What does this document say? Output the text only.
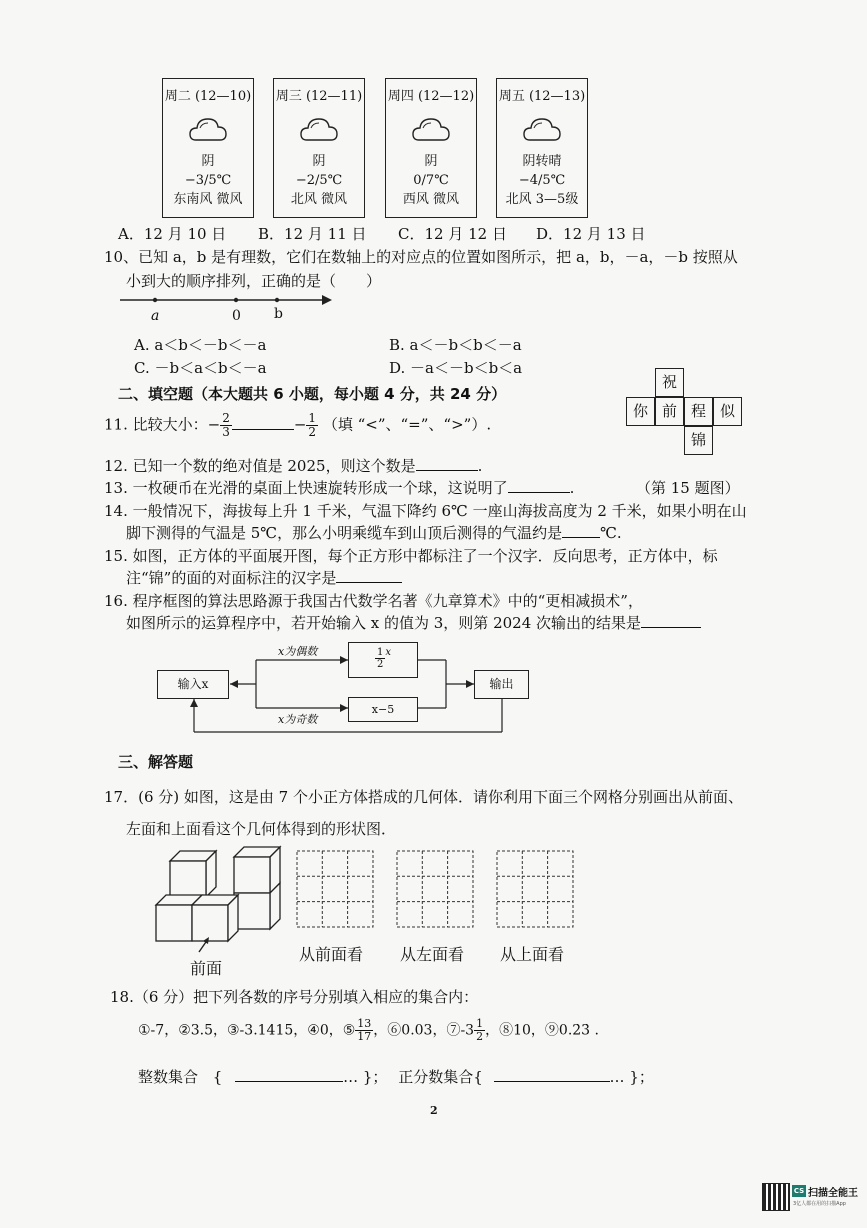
周二 (12—10)
阴
−3/5℃
东南风 微风
周三 (12—11)
阴
−2/5℃
北风 微风
周四 (12—12)
阴
0/7℃
西风 微风
周五 (12—13)
阴转晴
−4/5℃
北风 3—5级
A．12 月 10 日 B．12 月 11 日 C．12 月 12 日 D．12 月 13 日
10、已知 a，b 是有理数，它们在数轴上的对应点的位置如图所示，把 a，b，－a，－b 按照从
小到大的顺序排列，正确的是（　　）
a	0 b
A. a＜b＜－b＜－a	B. a＜－b＜b＜－a
C. －b＜a＜b＜－a	D. －a＜－b＜b＜a
二、填空题（本大题共 6 小题，每小题 4 分，共 24 分）
祝
你 前 程 似
锦
11. 比较大小：− $\frac{2}{3}$	− $\frac{1}{2}$ （填 “<”、“=”、“>”）.
12. 已知一个数的绝对值是 2025，则这个数是	.
13. 一枚硬币在光滑的桌面上快速旋转形成一个球，这说明了	.	（第 15 题图）
14. 一般情况下，海拔每上升 1 千米，气温下降约 6℃ 一座山海拔高度为 2 千米，如果小明在山
脚下测得的气温是 5℃，那么小明乘缆车到山顶后测得的气温约是	℃.
15. 如图，正方体的平面展开图，每个正方形中都标注了一个汉字．反向思考，正方体中，标
注“锦”的面的对面标注的汉字是
16. 程序框图的算法思路源于我国古代数学名著《九章算术》中的“更相减损术”，
如图所示的运算程序中，若开始输入 x 的值为 3，则第 2024 次输出的结果是
输入x
x为偶数	$\frac{1}{2} ^x$
x为奇数
x−5
输出
三、解答题
17．(6 分) 如图，这是由 7 个小正方体搭成的几何体．请你利用下面三个网格分别画出从前面、
左面和上面看这个几何体得到的形状图．
前面
从前面看 从左面看 从上面看
18.（6 分）把下列各数的序号分别填入相应的集合内：
①-7，②3.5，③-3.1415，④0，⑤ $\frac{13}{17}$ ，⑥0.03，⑦-3 $\frac{1}{2}$ ，⑧10，⑨0.2̇3̇ .
整数集合 {	… }； 正分数集合{	… }；
2
CS 扫描全能王
3亿人都在用的扫描App
